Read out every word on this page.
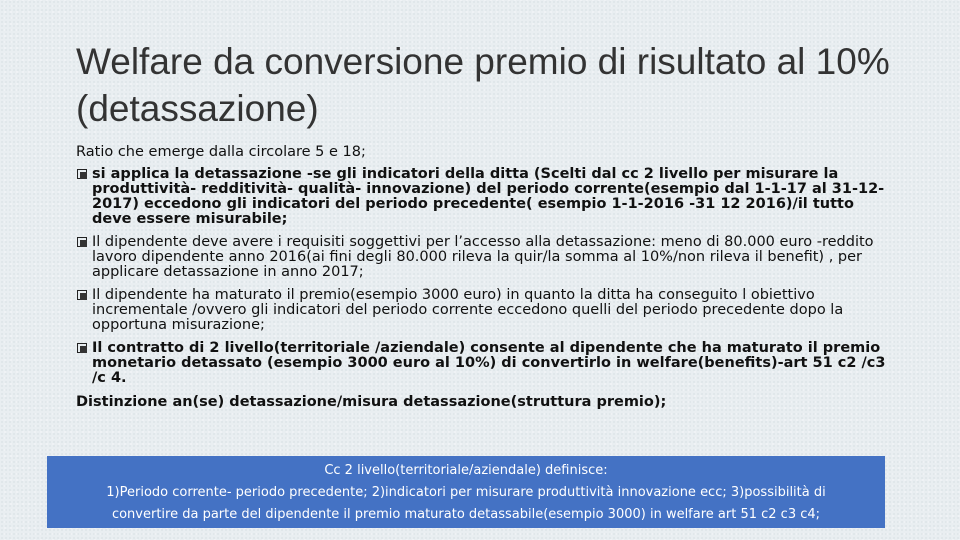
Welfare da conversione premio di risultato al 10%(detassazione)

Ratio che emerge dalla circolare 5 e 18;

si applica la detassazione -se gli indicatori della ditta (Scelti dal cc 2 livello per misurare la produttività- redditività- qualità- innovazione) del periodo corrente(esempio dal 1-1-17 al 31-12-2017) eccedono gli indicatori del periodo precedente( esempio 1-1-2016 -31 12 2016)/il tutto deve essere misurabile;
Il dipendente deve avere i requisiti soggettivi per l’accesso alla detassazione: meno di 80.000 euro -reddito lavoro dipendente anno 2016(ai fini degli 80.000 rileva la quir/la somma al 10%/non rileva il benefit) , per applicare detassazione in anno 2017;
Il dipendente ha maturato il premio(esempio 3000 euro) in quanto la ditta ha conseguito l obiettivo incrementale /ovvero gli indicatori del periodo corrente eccedono quelli del periodo precedente dopo la opportuna misurazione;
Il contratto di 2 livello(territoriale /aziendale) consente al dipendente che ha maturato il premio monetario detassato (esempio 3000 euro al 10%) di convertirlo in welfare(benefits)-art 51 c2 /c3 /c 4.

Distinzione an(se) detassazione/misura detassazione(struttura premio);

Cc 2 livello(territoriale/aziendale) definisce:
1)Periodo corrente- periodo precedente; 2)indicatori per misurare produttività innovazione ecc; 3)possibilità di
convertire da parte del dipendente il premio maturato detassabile(esempio 3000) in welfare art 51 c2 c3 c4;
